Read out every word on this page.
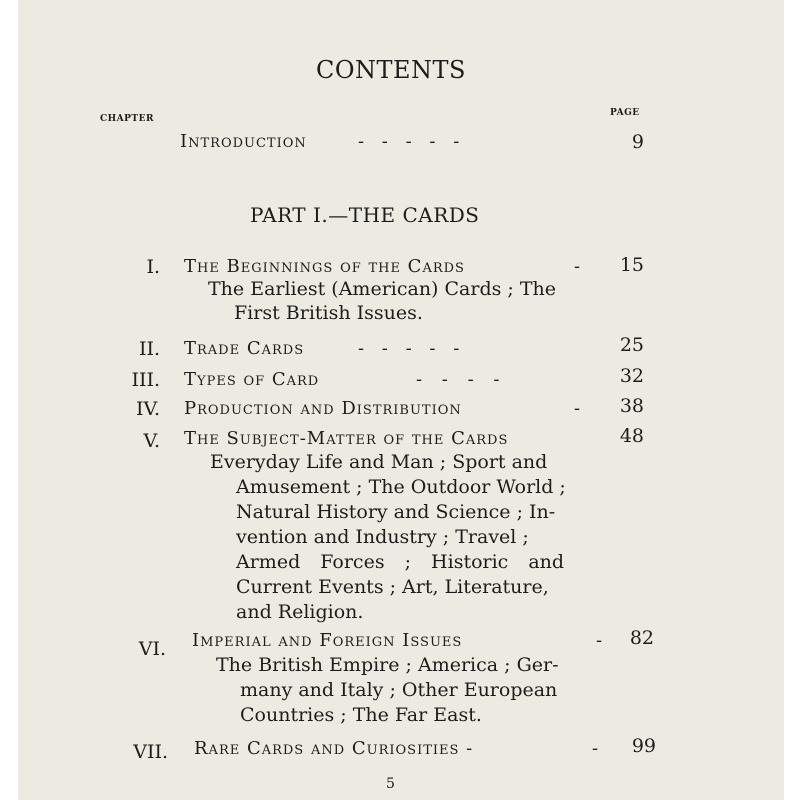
CONTENTS
CHAPTER
PAGE
Introduction	- - - - -	9
PART I.—THE CARDS
I. The Beginnings of the Cards	-	15
The Earliest (American) Cards ; The
First British Issues.
II. Trade Cards	- - - - -	25
III. Types of Card	- - - -	32
IV. Production and Distribution	-	38
V. The Subject-Matter of the Cards	48
Everyday Life and Man ; Sport and
Amusement ; The Outdoor World ;
Natural History and Science ; In-
vention and Industry ; Travel ;
Armed Forces ; Historic and
Current Events ; Art, Literature,
and Religion.
VI. Imperial and Foreign Issues	-	82
The British Empire ; America ; Ger-
many and Italy ; Other European
Countries ; The Far East.
VII. Rare Cards and Curiosities -	-	99
5
